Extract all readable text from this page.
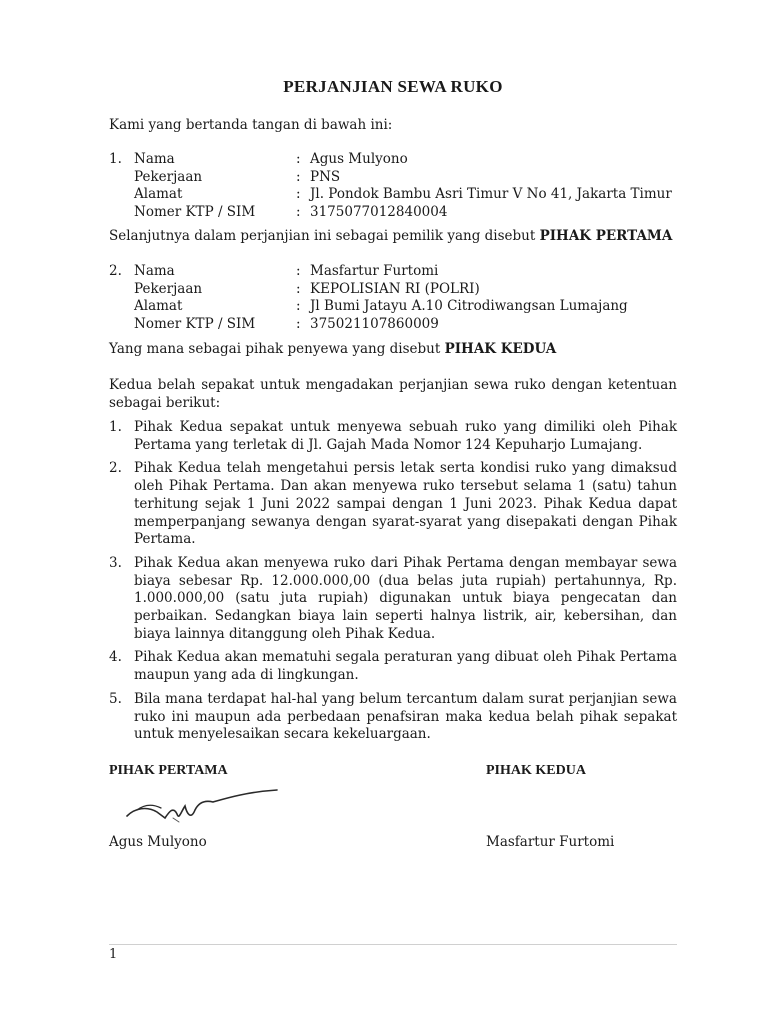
PERJANJIAN SEWA RUKO
Kami yang bertanda tangan di bawah ini:
1. Nama	: Agus Mulyono
Pekerjaan	: PNS
Alamat	: Jl. Pondok Bambu Asri Timur V No 41, Jakarta Timur
Nomer KTP / SIM	: 3175077012840004
Selanjutnya dalam perjanjian ini sebagai pemilik yang disebut PIHAK PERTAMA
2. Nama	: Masfartur Furtomi
Pekerjaan	: KEPOLISIAN RI (POLRI)
Alamat	: Jl Bumi Jatayu A.10 Citrodiwangsan Lumajang
Nomer KTP / SIM	: 375021107860009
Yang mana sebagai pihak penyewa yang disebut PIHAK KEDUA
Kedua belah sepakat untuk mengadakan perjanjian sewa ruko dengan ketentuan sebagai berikut:
1. Pihak Kedua sepakat untuk menyewa sebuah ruko yang dimiliki oleh Pihak Pertama yang terletak di Jl. Gajah Mada Nomor 124 Kepuharjo Lumajang.
2. Pihak Kedua telah mengetahui persis letak serta kondisi ruko yang dimaksud oleh Pihak Pertama. Dan akan menyewa ruko tersebut selama 1 (satu) tahun terhitung sejak 1 Juni 2022 sampai dengan 1 Juni 2023. Pihak Kedua dapat memperpanjang sewanya dengan syarat-syarat yang disepakati dengan Pihak Pertama.
3. Pihak Kedua akan menyewa ruko dari Pihak Pertama dengan membayar sewa biaya sebesar Rp. 12.000.000,00 (dua belas juta rupiah) pertahunnya, Rp. 1.000.000,00 (satu juta rupiah) digunakan untuk biaya pengecatan dan perbaikan. Sedangkan biaya lain seperti halnya listrik, air, kebersihan, dan biaya lainnya ditanggung oleh Pihak Kedua.
4. Pihak Kedua akan mematuhi segala peraturan yang dibuat oleh Pihak Pertama maupun yang ada di lingkungan.
5. Bila mana terdapat hal-hal yang belum tercantum dalam surat perjanjian sewa ruko ini maupun ada perbedaan penafsiran maka kedua belah pihak sepakat untuk menyelesaikan secara kekeluargaan.
PIHAK PERTAMA	PIHAK KEDUA
Agus Mulyono	Masfartur Furtomi
1
